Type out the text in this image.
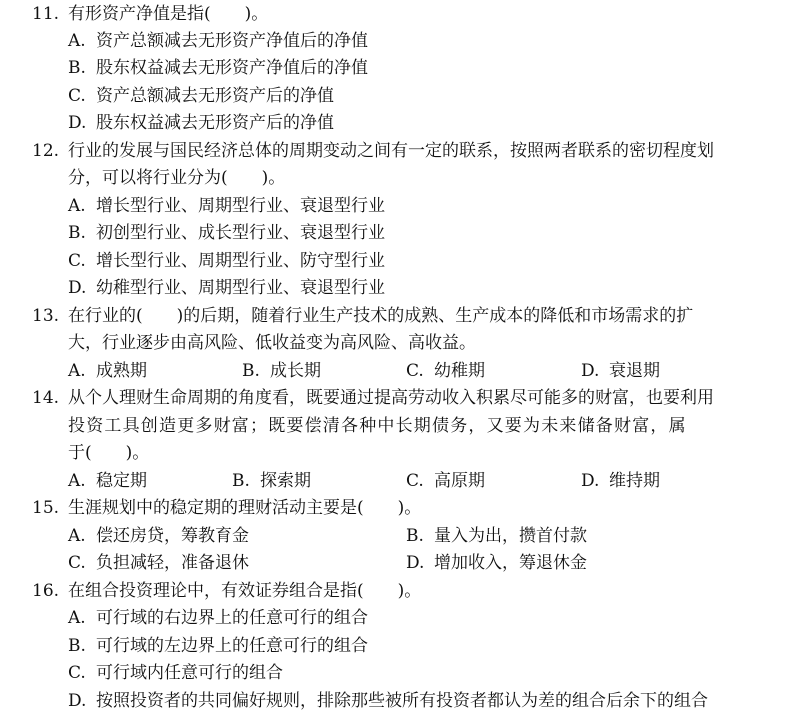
11. 有形资产净值是指(　　)。
A. 资产总额减去无形资产净值后的净值
B. 股东权益减去无形资产净值后的净值
C. 资产总额减去无形资产后的净值
D. 股东权益减去无形资产后的净值
12. 行业的发展与国民经济总体的周期变动之间有一定的联系，按照两者联系的密切程度划
分，可以将行业分为(　　)。
A. 增长型行业、周期型行业、衰退型行业
B. 初创型行业、成长型行业、衰退型行业
C. 增长型行业、周期型行业、防守型行业
D. 幼稚型行业、周期型行业、衰退型行业
13. 在行业的(　　)的后期，随着行业生产技术的成熟、生产成本的降低和市场需求的扩
大，行业逐步由高风险、低收益变为高风险、高收益。
A. 成熟期	B. 成长期	C. 幼稚期	D. 衰退期
14. 从个人理财生命周期的角度看，既要通过提高劳动收入积累尽可能多的财富，也要利用
投资工具创造更多财富；既要偿清各种中长期债务，又要为未来储备财富，属
于(　　)。
A. 稳定期	B. 探索期	C. 高原期	D. 维持期
15. 生涯规划中的稳定期的理财活动主要是(　　)。
A. 偿还房贷，筹教育金	B. 量入为出，攒首付款
C. 负担减轻，准备退休	D. 增加收入，筹退休金
16. 在组合投资理论中，有效证券组合是指(　　)。
A. 可行域的右边界上的任意可行的组合
B. 可行域的左边界上的任意可行的组合
C. 可行域内任意可行的组合
D. 按照投资者的共同偏好规则，排除那些被所有投资者都认为差的组合后余下的组合
